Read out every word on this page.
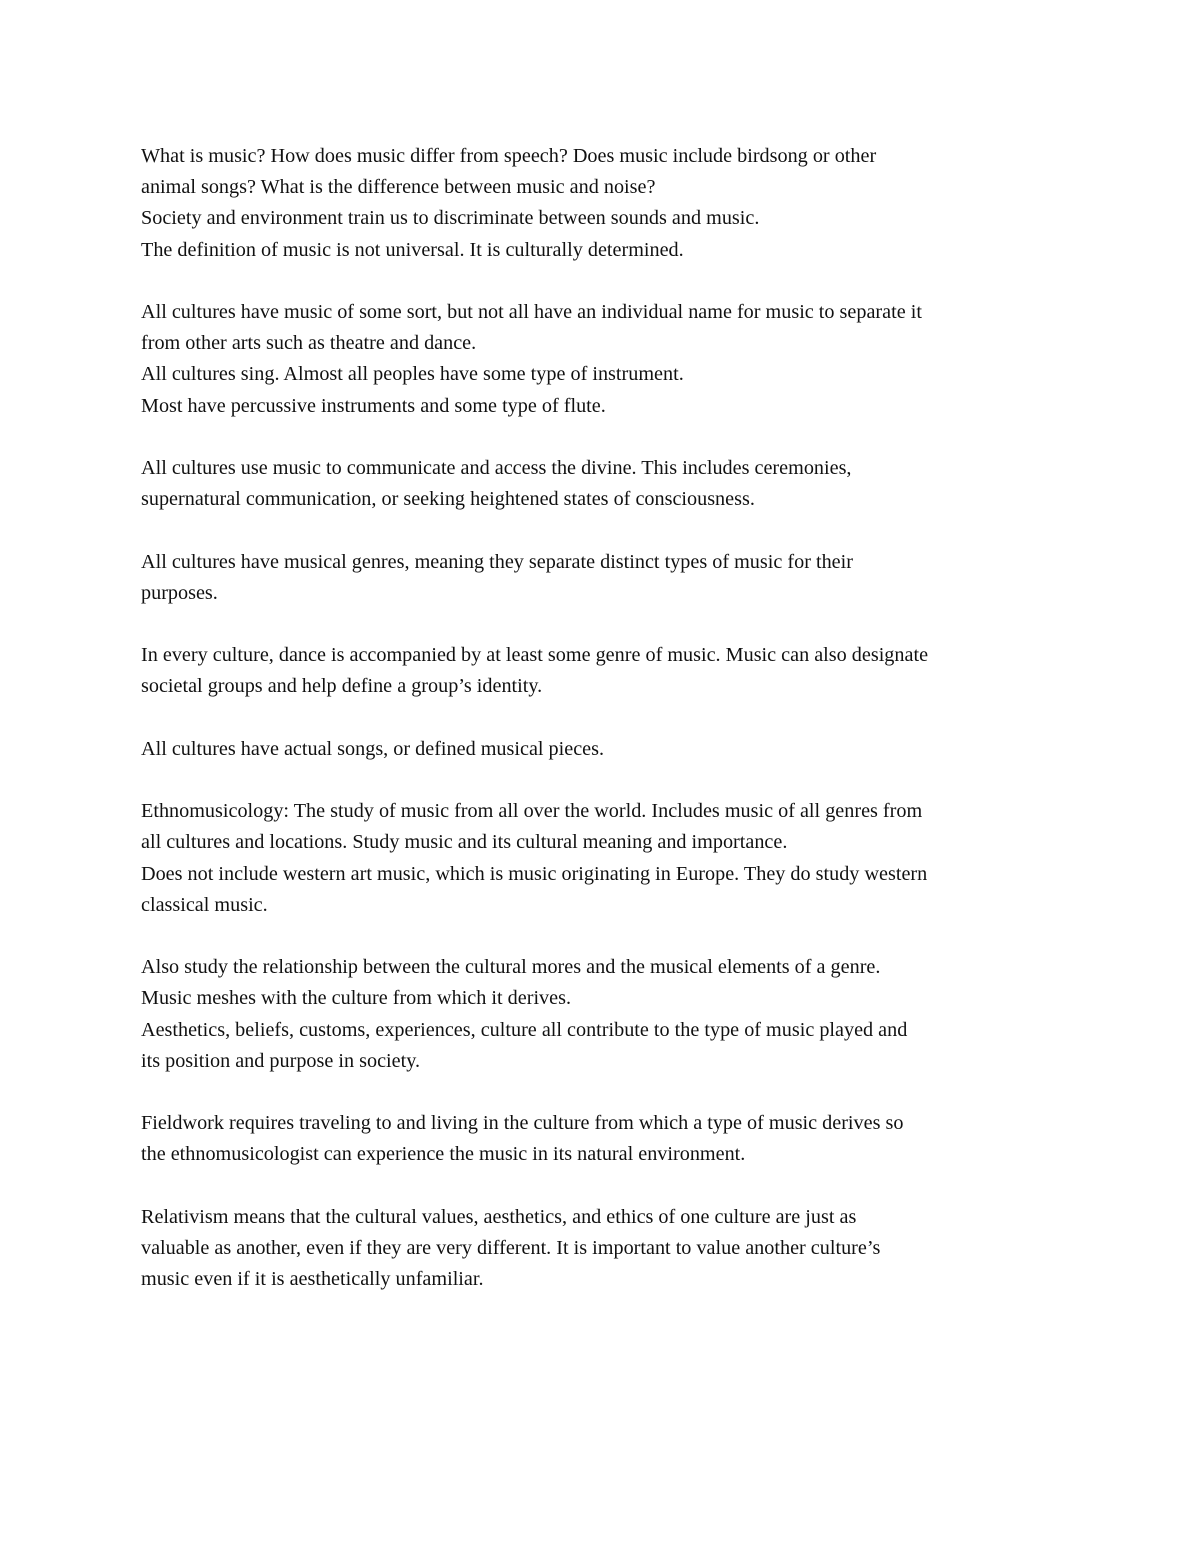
What is music? How does music differ from speech? Does music include birdsong or other
animal songs? What is the difference between music and noise?
Society and environment train us to discriminate between sounds and music.
The definition of music is not universal. It is culturally determined.

All cultures have music of some sort, but not all have an individual name for music to separate it
from other arts such as theatre and dance.
All cultures sing. Almost all peoples have some type of instrument.
Most have percussive instruments and some type of flute.

All cultures use music to communicate and access the divine. This includes ceremonies,
supernatural communication, or seeking heightened states of consciousness.

All cultures have musical genres, meaning they separate distinct types of music for their
purposes.

In every culture, dance is accompanied by at least some genre of music. Music can also designate
societal groups and help define a group’s identity.

All cultures have actual songs, or defined musical pieces.

Ethnomusicology: The study of music from all over the world. Includes music of all genres from
all cultures and locations. Study music and its cultural meaning and importance.
Does not include western art music, which is music originating in Europe. They do study western
classical music.

Also study the relationship between the cultural mores and the musical elements of a genre.
Music meshes with the culture from which it derives.
Aesthetics, beliefs, customs, experiences, culture all contribute to the type of music played and
its position and purpose in society.

Fieldwork requires traveling to and living in the culture from which a type of music derives so
the ethnomusicologist can experience the music in its natural environment.

Relativism means that the cultural values, aesthetics, and ethics of one culture are just as
valuable as another, even if they are very different. It is important to value another culture’s
music even if it is aesthetically unfamiliar.
